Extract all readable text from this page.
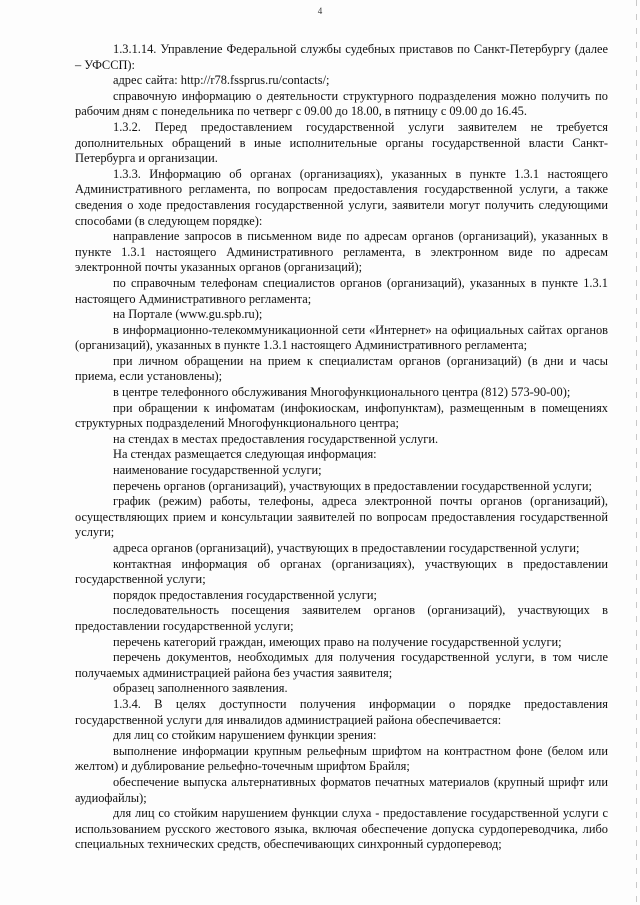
4

1.3.1.14. Управление Федеральной службы судебных приставов по Санкт-Петербургу (далее – УФССП):

адрес сайта: http://r78.fssprus.ru/contacts/;

справочную информацию о деятельности структурного подразделения можно получить по рабочим дням с понедельника по четверг с 09.00 до 18.00, в пятницу с 09.00 до 16.45.

1.3.2. Перед предоставлением государственной услуги заявителем не требуется дополнительных обращений в иные исполнительные органы государственной власти Санкт-Петербурга и организации.

1.3.3. Информацию об органах (организациях), указанных в пункте 1.3.1 настоящего Административного регламента, по вопросам предоставления государственной услуги, а также сведения о ходе предоставления государственной услуги, заявители могут получить следующими способами (в следующем порядке):

направление запросов в письменном виде по адресам органов (организаций), указанных в пункте 1.3.1 настоящего Административного регламента, в электронном виде по адресам электронной почты указанных органов (организаций);

по справочным телефонам специалистов органов (организаций), указанных в пункте 1.3.1 настоящего Административного регламента;

на Портале (www.gu.spb.ru);

в информационно-телекоммуникационной сети «Интернет» на официальных сайтах органов (организаций), указанных в пункте 1.3.1 настоящего Административного регламента;

при личном обращении на прием к специалистам органов (организаций) (в дни и часы приема, если установлены);

в центре телефонного обслуживания Многофункционального центра (812) 573-90-00);

при обращении к инфоматам (инфокиоскам, инфопунктам), размещенным в помещениях структурных подразделений Многофункционального центра;

на стендах в местах предоставления государственной услуги.

На стендах размещается следующая информация:

наименование государственной услуги;

перечень органов (организаций), участвующих в предоставлении государственной услуги;

график (режим) работы, телефоны, адреса электронной почты органов (организаций), осуществляющих прием и консультации заявителей по вопросам предоставления государственной услуги;

адреса органов (организаций), участвующих в предоставлении государственной услуги;

контактная информация об органах (организациях), участвующих в предоставлении государственной услуги;

порядок предоставления государственной услуги;

последовательность посещения заявителем органов (организаций), участвующих в предоставлении государственной услуги;

перечень категорий граждан, имеющих право на получение государственной услуги;

перечень документов, необходимых для получения государственной услуги, в том числе получаемых администрацией района без участия заявителя;

образец заполненного заявления.

1.3.4. В целях доступности получения информации о порядке предоставления государственной услуги для инвалидов администрацией района обеспечивается:

для лиц со стойким нарушением функции зрения:

выполнение информации крупным рельефным шрифтом на контрастном фоне (белом или желтом) и дублирование рельефно-точечным шрифтом Брайля;

обеспечение выпуска альтернативных форматов печатных материалов (крупный шрифт или аудиофайлы);

для лиц со стойким нарушением функции слуха - предоставление государственной услуги с использованием русского жестового языка, включая обеспечение допуска сурдопереводчика, либо специальных технических средств, обеспечивающих синхронный сурдоперевод;
